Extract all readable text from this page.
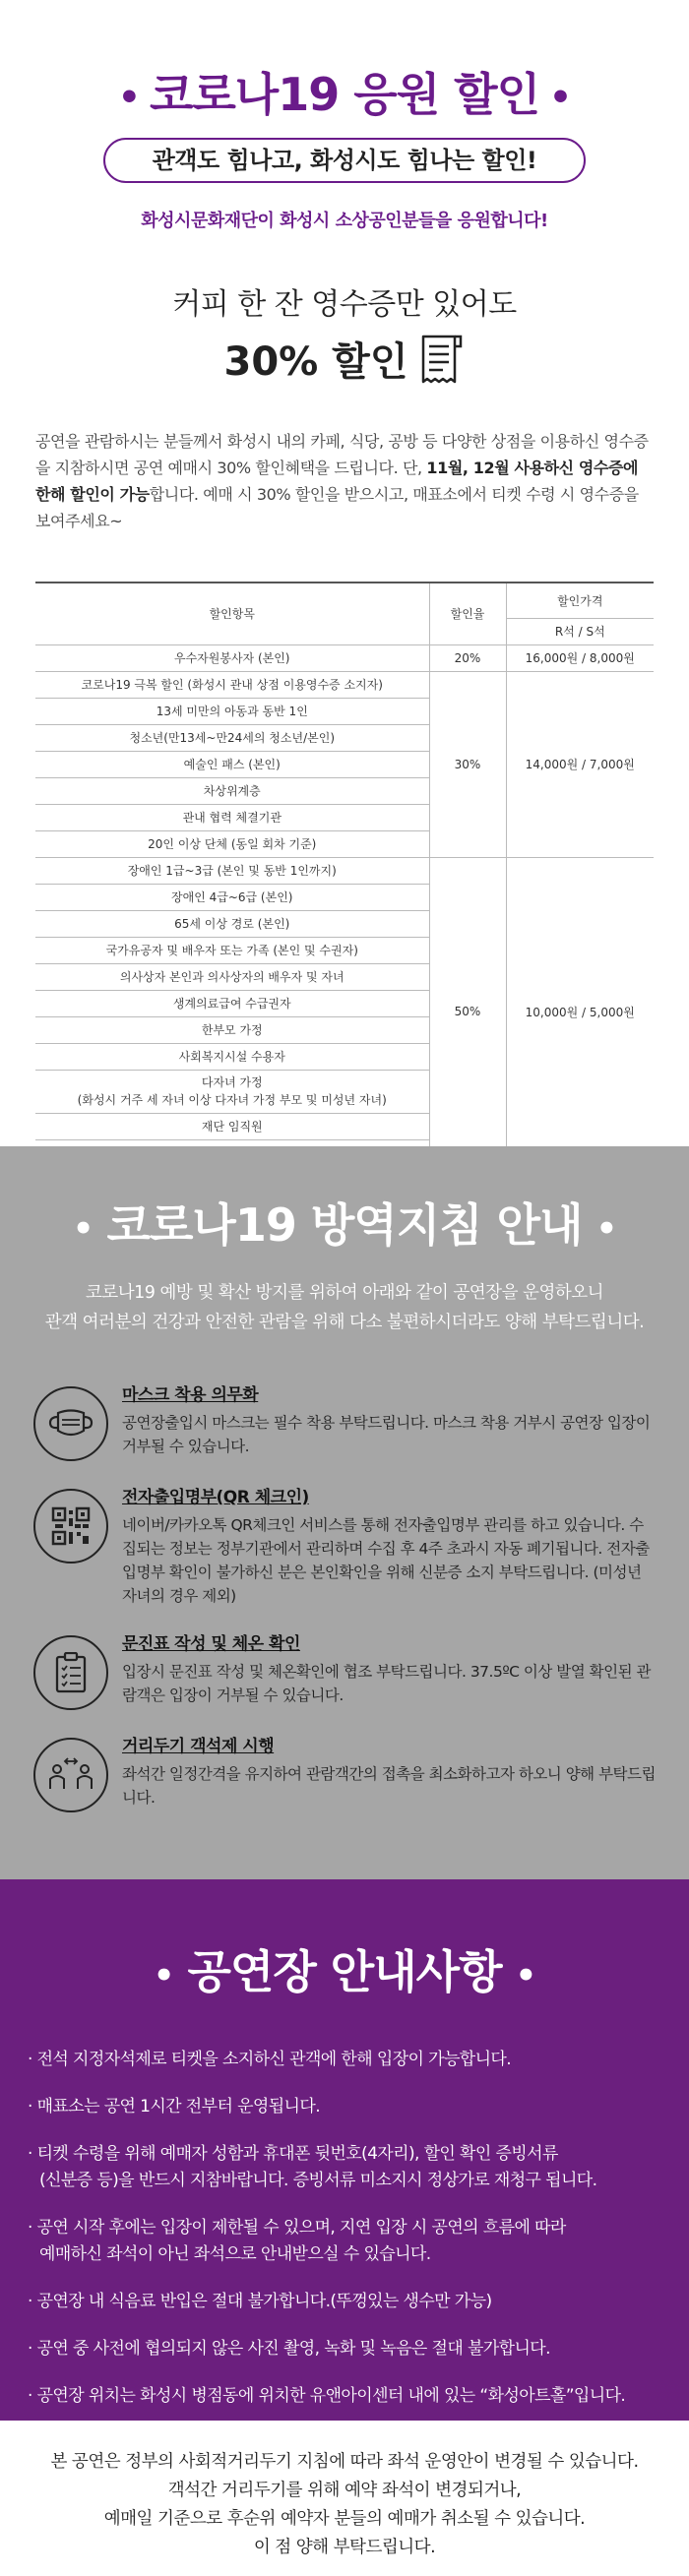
• 코로나19 응원 할인 •
관객도 힘나고, 화성시도 힘나는 할인!
화성시문화재단이 화성시 소상공인분들을 응원합니다!
커피 한 잔 영수증만 있어도
30% 할인

공연을 관람하시는 분들께서 화성시 내의 카페, 식당, 공방 등 다양한 상점을 이용하신 영수증을 지참하시면 공연 예매시 30% 할인혜택을 드립니다. 단, 11월, 12월 사용하신 영수증에 한해 할인이 가능합니다. 예매 시 30% 할인을 받으시고, 매표소에서 티켓 수령 시 영수증을 보여주세요~

할인항목	할인율	할인가격
		R석 / S석
우수자원봉사자 (본인)	20%	16,000원 / 8,000원
코로나19 극복 할인 (화성시 관내 상점 이용영수증 소지자)	30%	14,000원 / 7,000원
13세 미만의 아동과 동반 1인		
청소년(만13세~만24세의 청소년/본인)		
예술인 패스 (본인)		
차상위계층		
관내 협력 체결기관		
20인 이상 단체 (동일 회차 기준)		
장애인 1급~3급 (본인 및 동반 1인까지)	50%	10,000원 / 5,000원
장애인 4급~6급 (본인)		
65세 이상 경로 (본인)		
국가유공자 및 배우자 또는 가족 (본인 및 수권자)		
의사상자 본인과 의사상자의 배우자 및 자녀		
생계의료급여 수급권자		
한부모 가정		
사회복지시설 수용자		
다자녀 가정
(화성시 거주 세 자녀 이상 다자녀 가정 부모 및 미성년 자녀)		
재단 임직원		

• 코로나19 방역지침 안내 •
코로나19 예방 및 확산 방지를 위하여 아래와 같이 공연장을 운영하오니
관객 여러분의 건강과 안전한 관람을 위해 다소 불편하시더라도 양해 부탁드립니다.
마스크 착용 의무화
공연장출입시 마스크는 필수 착용 부탁드립니다. 마스크 착용 거부시 공연장 입장이 거부될 수 있습니다.
전자출입명부(QR 체크인)
네이버/카카오톡 QR체크인 서비스를 통해 전자출입명부 관리를 하고 있습니다. 수집되는 정보는 정부기관에서 관리하며 수집 후 4주 초과시 자동 폐기됩니다. 전자출입명부 확인이 불가하신 분은 본인확인을 위해 신분증 소지 부탁드립니다. (미성년 자녀의 경우 제외)
문진표 작성 및 체온 확인
입장시 문진표 작성 및 체온확인에 협조 부탁드립니다. 37.5ºC 이상 발열 확인된 관람객은 입장이 거부될 수 있습니다.
거리두기 객석제 시행
좌석간 일정간격을 유지하여 관람객간의 접촉을 최소화하고자 하오니 양해 부탁드립니다.
• 공연장 안내사항 •
· 전석 지정자석제로 티켓을 소지하신 관객에 한해 입장이 가능합니다.
· 매표소는 공연 1시간 전부터 운영됩니다.
· 티켓 수령을 위해 예매자 성함과 휴대폰 뒷번호(4자리), 할인 확인 증빙서류
(신분증 등)을 반드시 지참바랍니다. 증빙서류 미소지시 정상가로 재청구 됩니다.
· 공연 시작 후에는 입장이 제한될 수 있으며, 지연 입장 시 공연의 흐름에 따라
예매하신 좌석이 아닌 좌석으로 안내받으실 수 있습니다.
· 공연장 내 식음료 반입은 절대 불가합니다.(뚜껑있는 생수만 가능)
· 공연 중 사전에 협의되지 않은 사진 촬영, 녹화 및 녹음은 절대 불가합니다.
· 공연장 위치는 화성시 병점동에 위치한 유앤아이센터 내에 있는 “화성아트홀”입니다.

본 공연은 정부의 사회적거리두기 지침에 따라 좌석 운영안이 변경될 수 있습니다.

객석간 거리두기를 위해 예약 좌석이 변경되거나,

예매일 기준으로 후순위 예약자 분들의 예매가 취소될 수 있습니다.

이 점 양해 부탁드립니다.
